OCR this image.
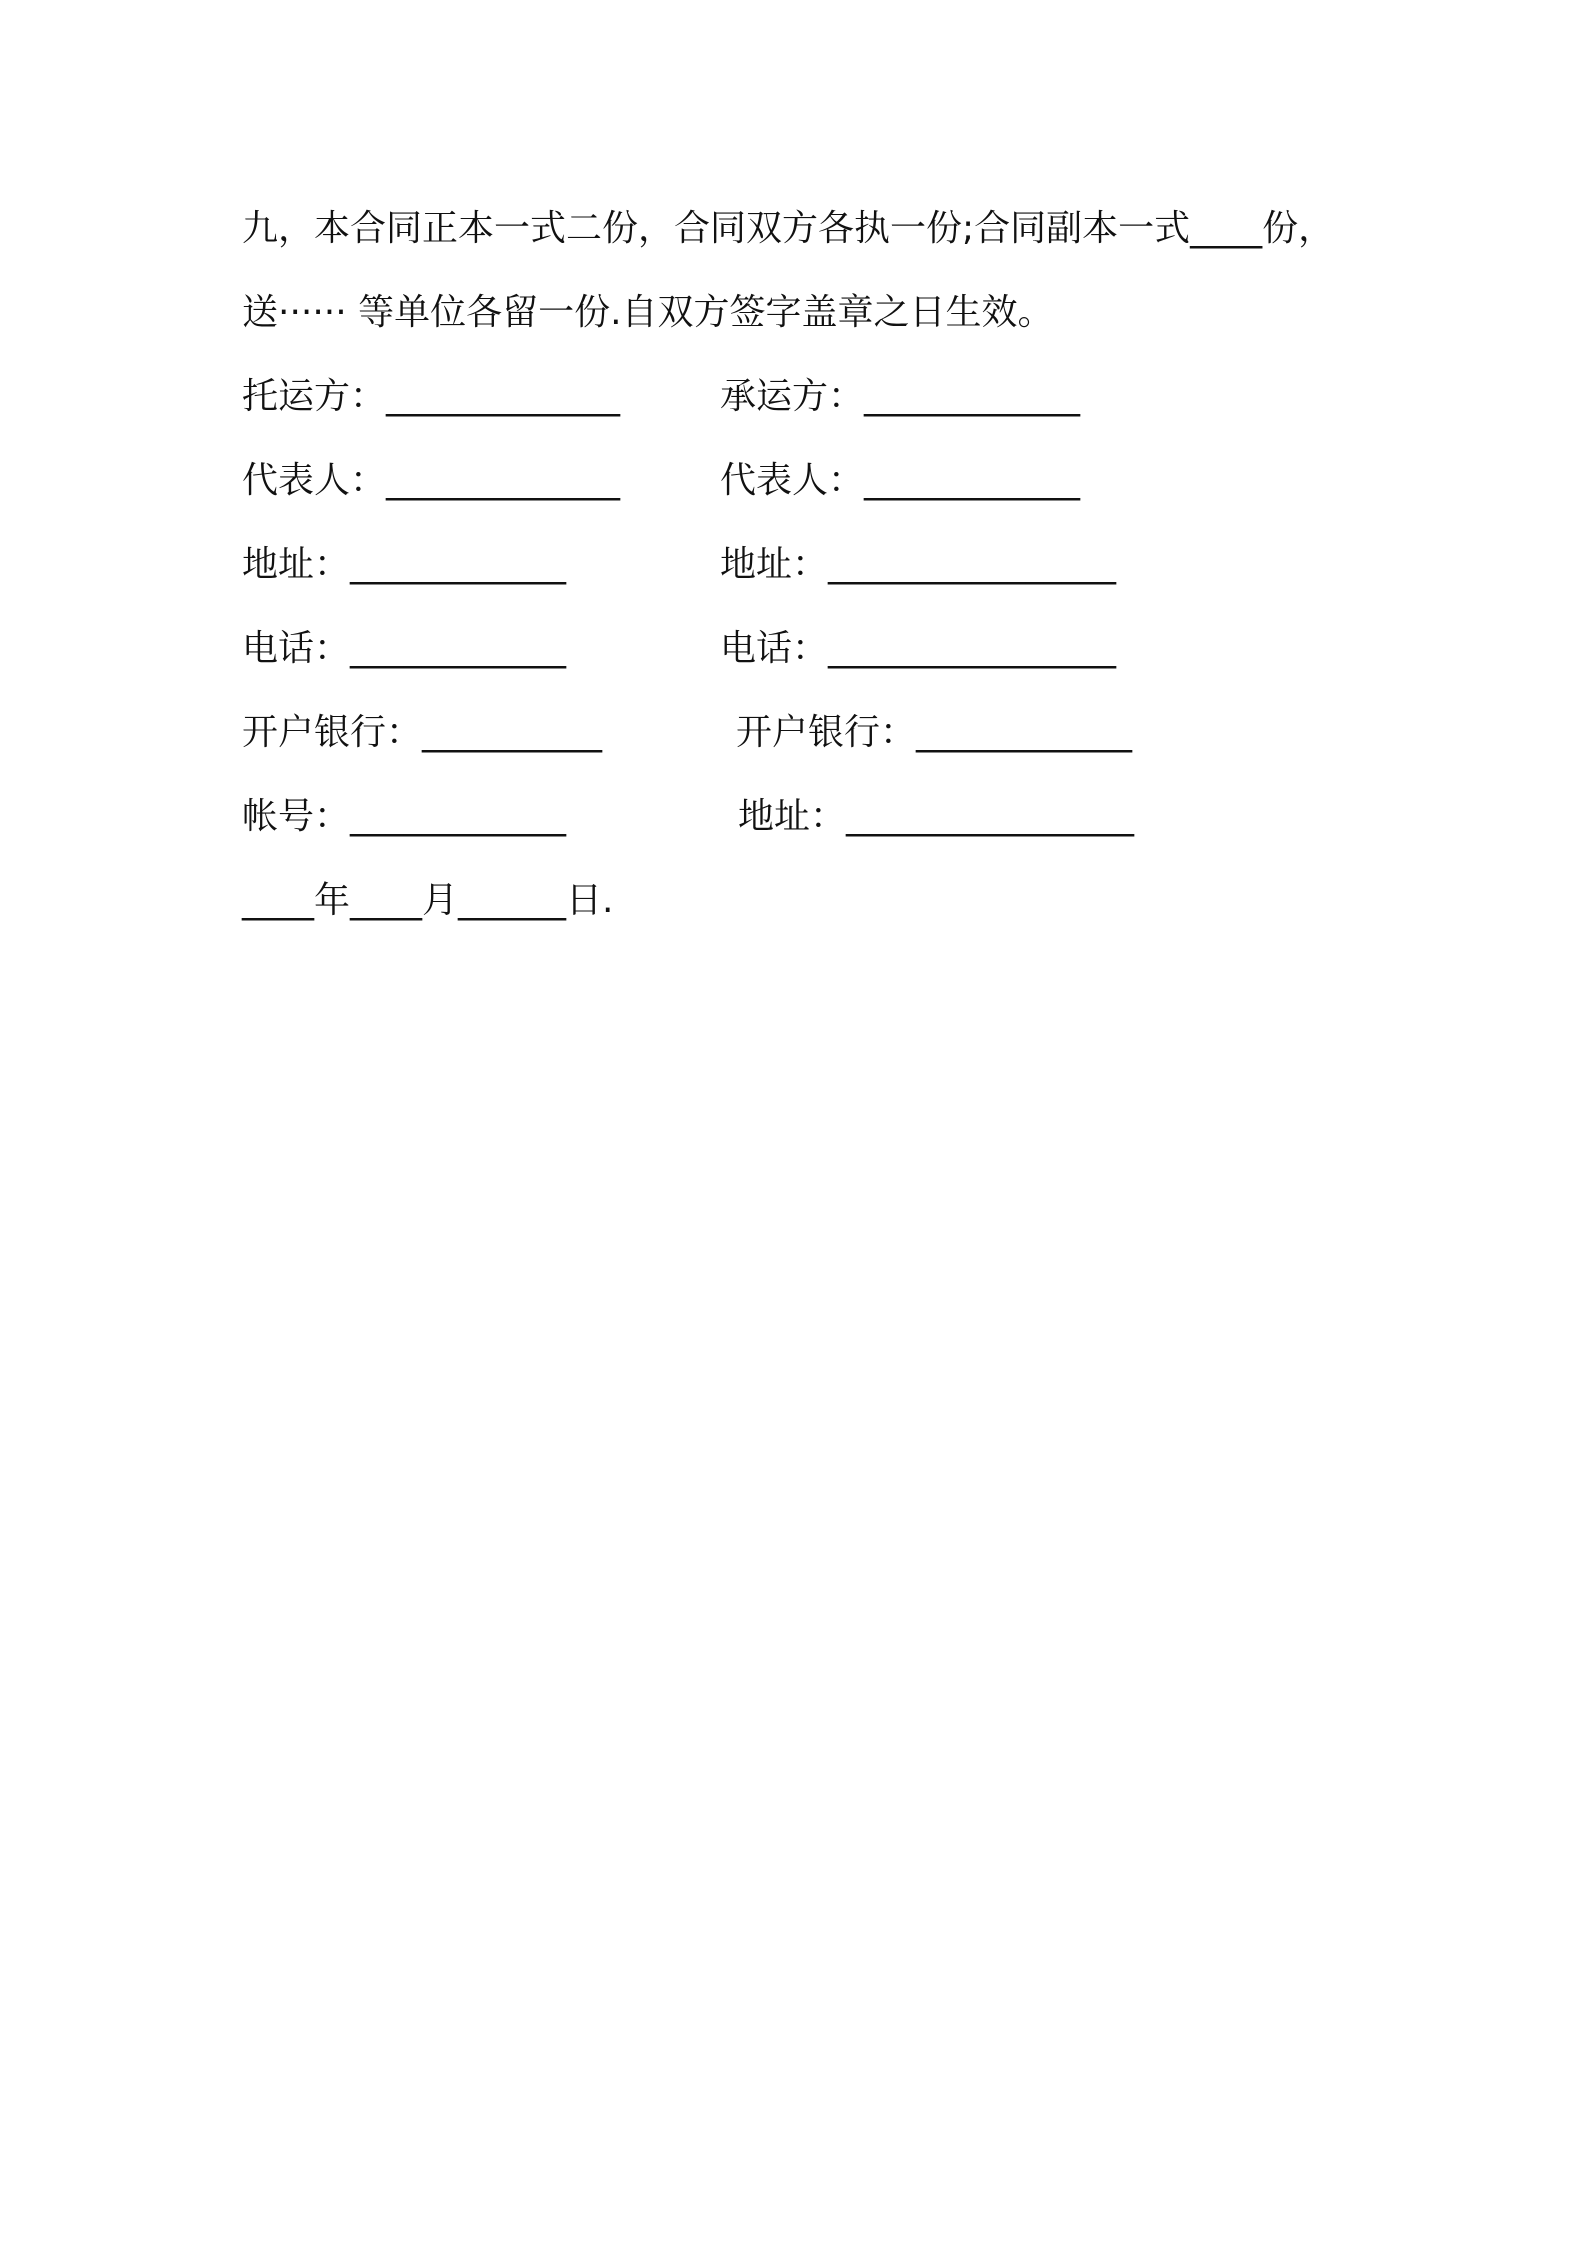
九，本合同正本一式二份，合同双方各执一份;合同副本一式____份，
送······ 等单位各留一份.自双方签字盖章之日生效。
托运方：_____________	承运方：____________
代表人：_____________	代表人：____________
地址：____________	地址：________________
电话：____________	电话：________________
开户银行：__________	开户银行：____________
帐号：____________	地址：________________
____年____月______日.
